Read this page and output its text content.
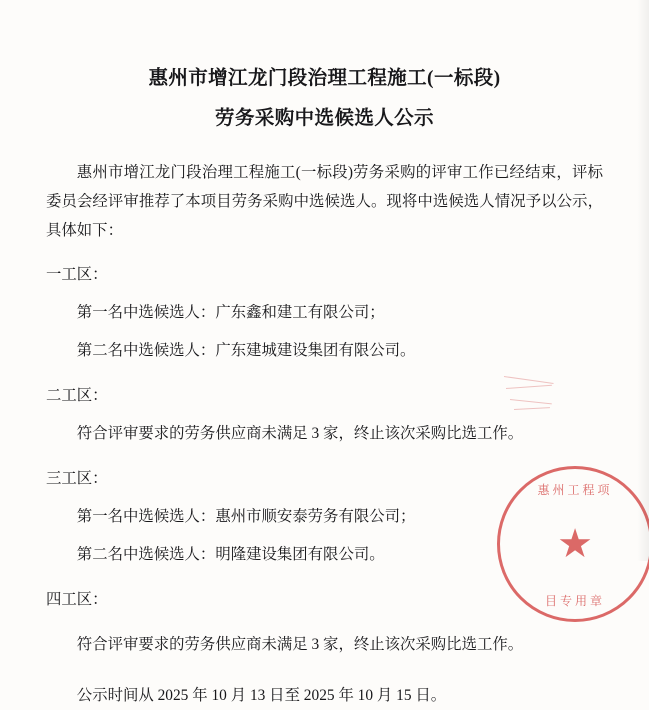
惠州市增江龙门段治理工程施工(一标段)
劳务采购中选候选人公示

惠州市增江龙门段治理工程施工(一标段)劳务采购的评审工作已经结束，评标委员会经评审推荐了本项目劳务采购中选候选人。现将中选候选人情况予以公示，具体如下：

一工区：
第一名中选候选人：广东鑫和建工有限公司；
第二名中选候选人：广东建城建设集团有限公司。
二工区：
符合评审要求的劳务供应商未满足 3 家，终止该次采购比选工作。
三工区：
第一名中选候选人：惠州市顺安泰劳务有限公司；
第二名中选候选人：明隆建设集团有限公司。
四工区：
符合评审要求的劳务供应商未满足 3 家，终止该次采购比选工作。
公示时间从 2025 年 10 月 13 日至 2025 年 10 月 15 日。
惠州工程项
★
目专用章
